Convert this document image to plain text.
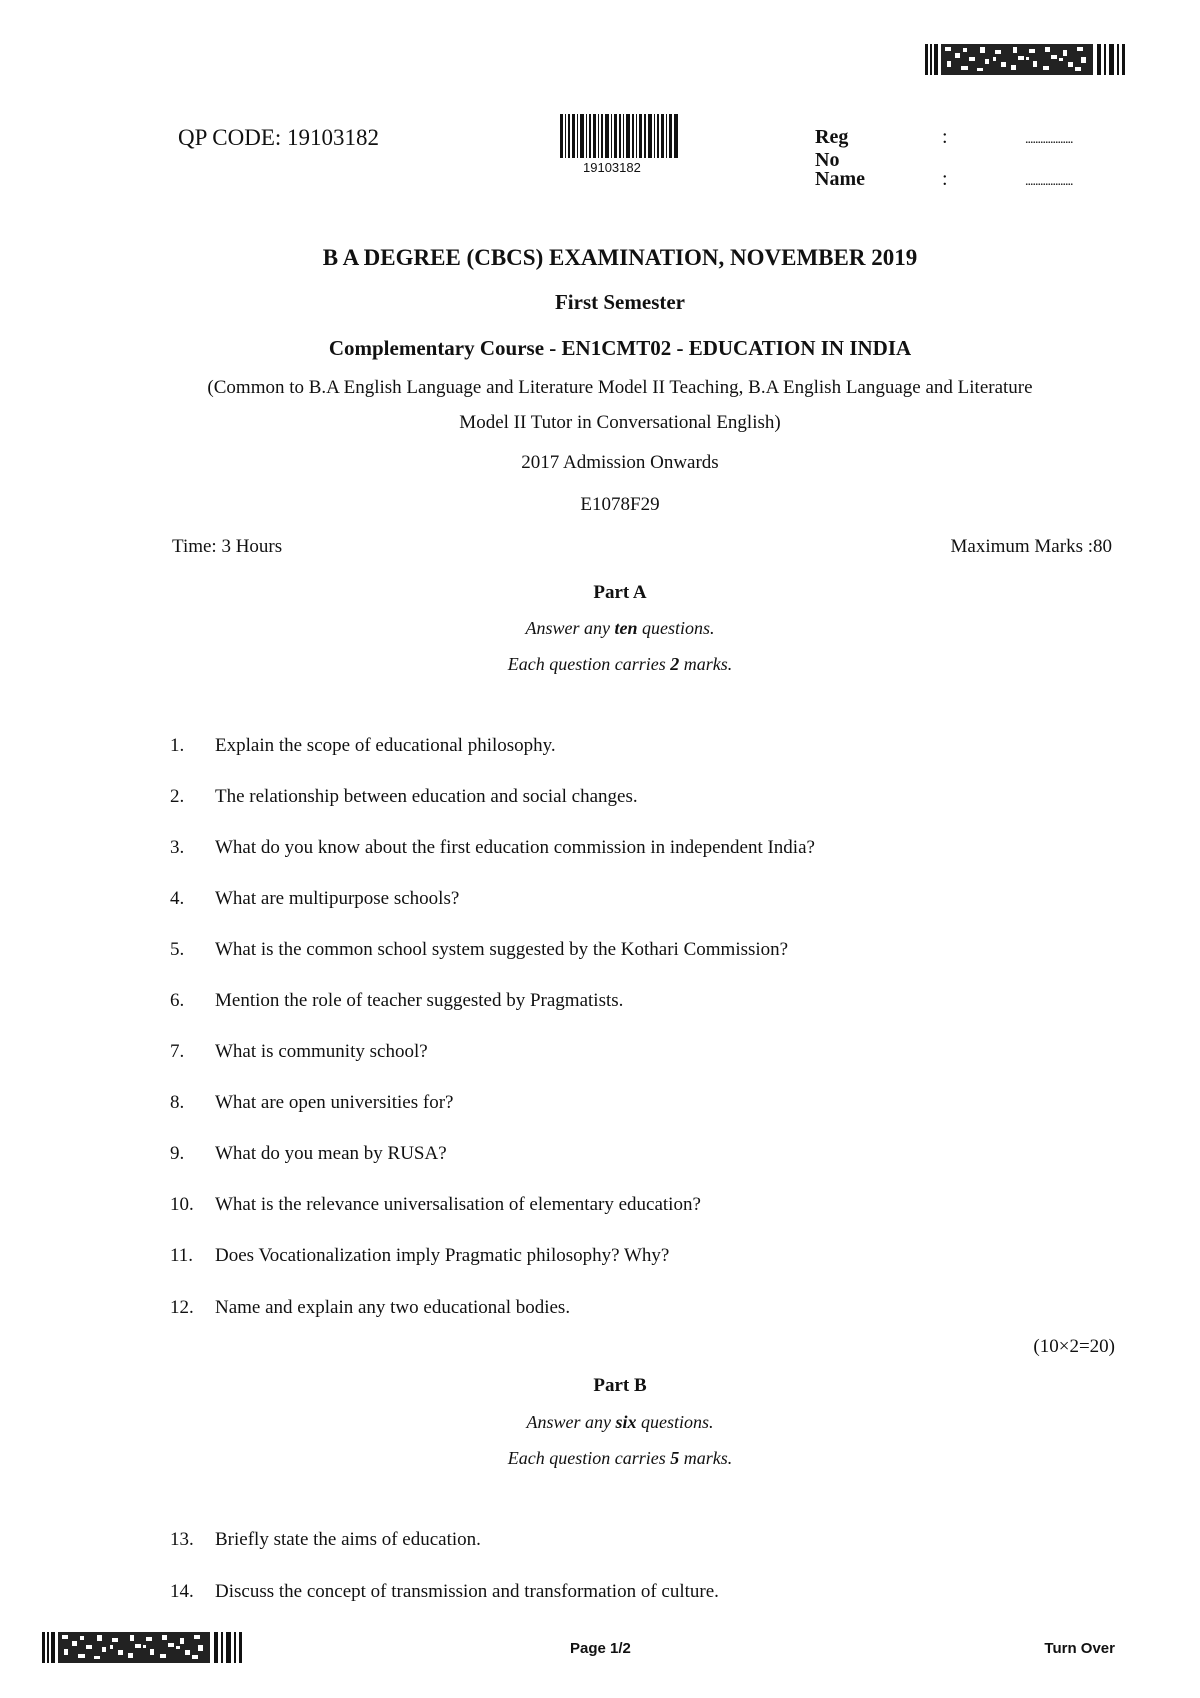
QP CODE: 19103182
19103182
Reg No
:	...................
Name	:	...................
B A DEGREE (CBCS) EXAMINATION, NOVEMBER 2019
First Semester
Complementary Course - EN1CMT02 - EDUCATION IN INDIA
(Common to B.A English Language and Literature Model II Teaching, B.A English Language and Literature
Model II Tutor in Conversational English)
2017 Admission Onwards
E1078F29
Time: 3 Hours	Maximum Marks :80
Part A
Answer any ten questions.
Each question carries 2 marks.
1.	Explain the scope of educational philosophy.
2.	The relationship between education and social changes.
3.	What do you know about the first education commission in independent India?
4.	What are multipurpose schools?
5.	What is the common school system suggested by the Kothari Commission?
6.	Mention the role of teacher suggested by Pragmatists.
7.	What is community school?
8.	What are open universities for?
9.	What do you mean by RUSA?
10.	What is the relevance universalisation of elementary education?
11.	Does Vocationalization imply Pragmatic philosophy? Why?
12.	Name and explain any two educational bodies.
(10×2=20)
Part B
Answer any six questions.
Each question carries 5 marks.
13.	Briefly state the aims of education.
14.	Discuss the concept of transmission and transformation of culture.
Page 1/2	Turn Over
